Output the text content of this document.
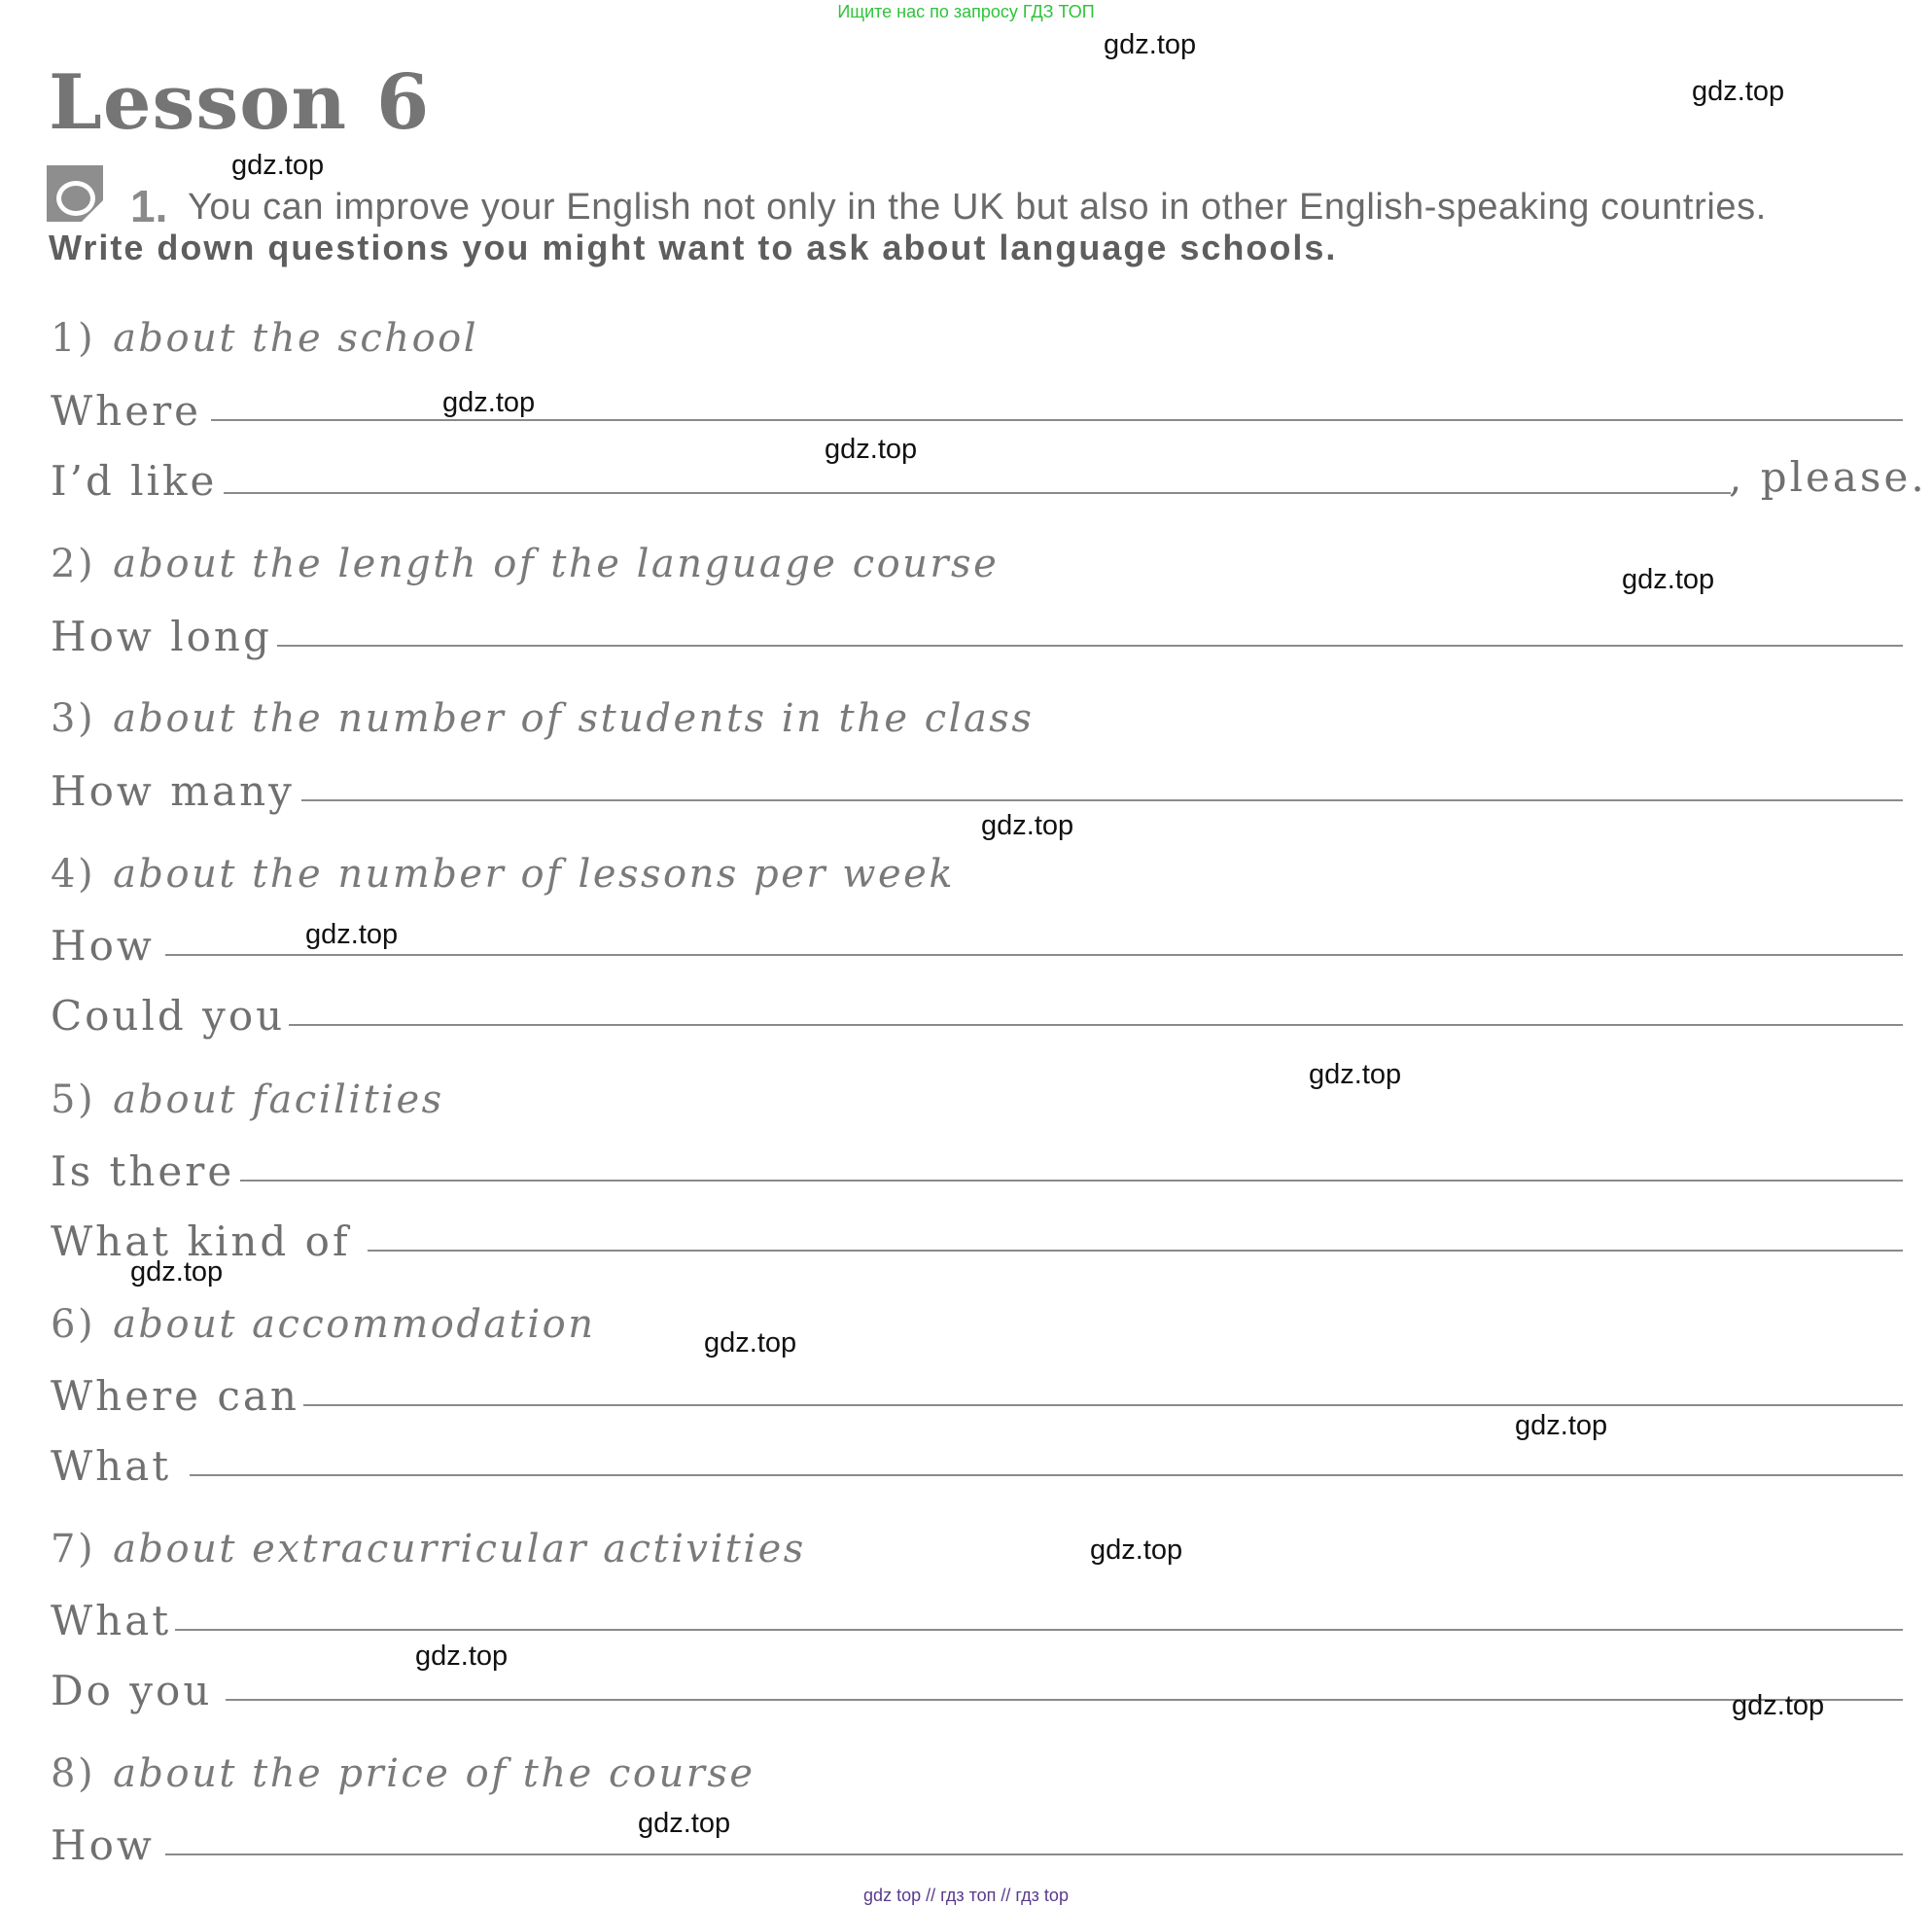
Ищите нас по запросу ГДЗ ТОП
Lesson 6
1. You can improve your English not only in the UK but also in other English-speaking countries.
Write down questions you might want to ask about language schools.
1) about the school
Where
I’d like	, please.
2) about the length of the language course
How long
3) about the number of students in the class
How many
4) about the number of lessons per week
How
Could you
5) about facilities
Is there
What kind of
6) about accommodation
Where can
What
7) about extracurricular activities
What
Do you
8) about the price of the course
How
gdz.top
gdz.top
gdz.top
gdz.top
gdz.top
gdz.top
gdz.top
gdz.top
gdz.top
gdz.top
gdz.top
gdz.top
gdz.top
gdz.top
gdz.top
gdz.top
gdz top // гдз топ // гдз top
